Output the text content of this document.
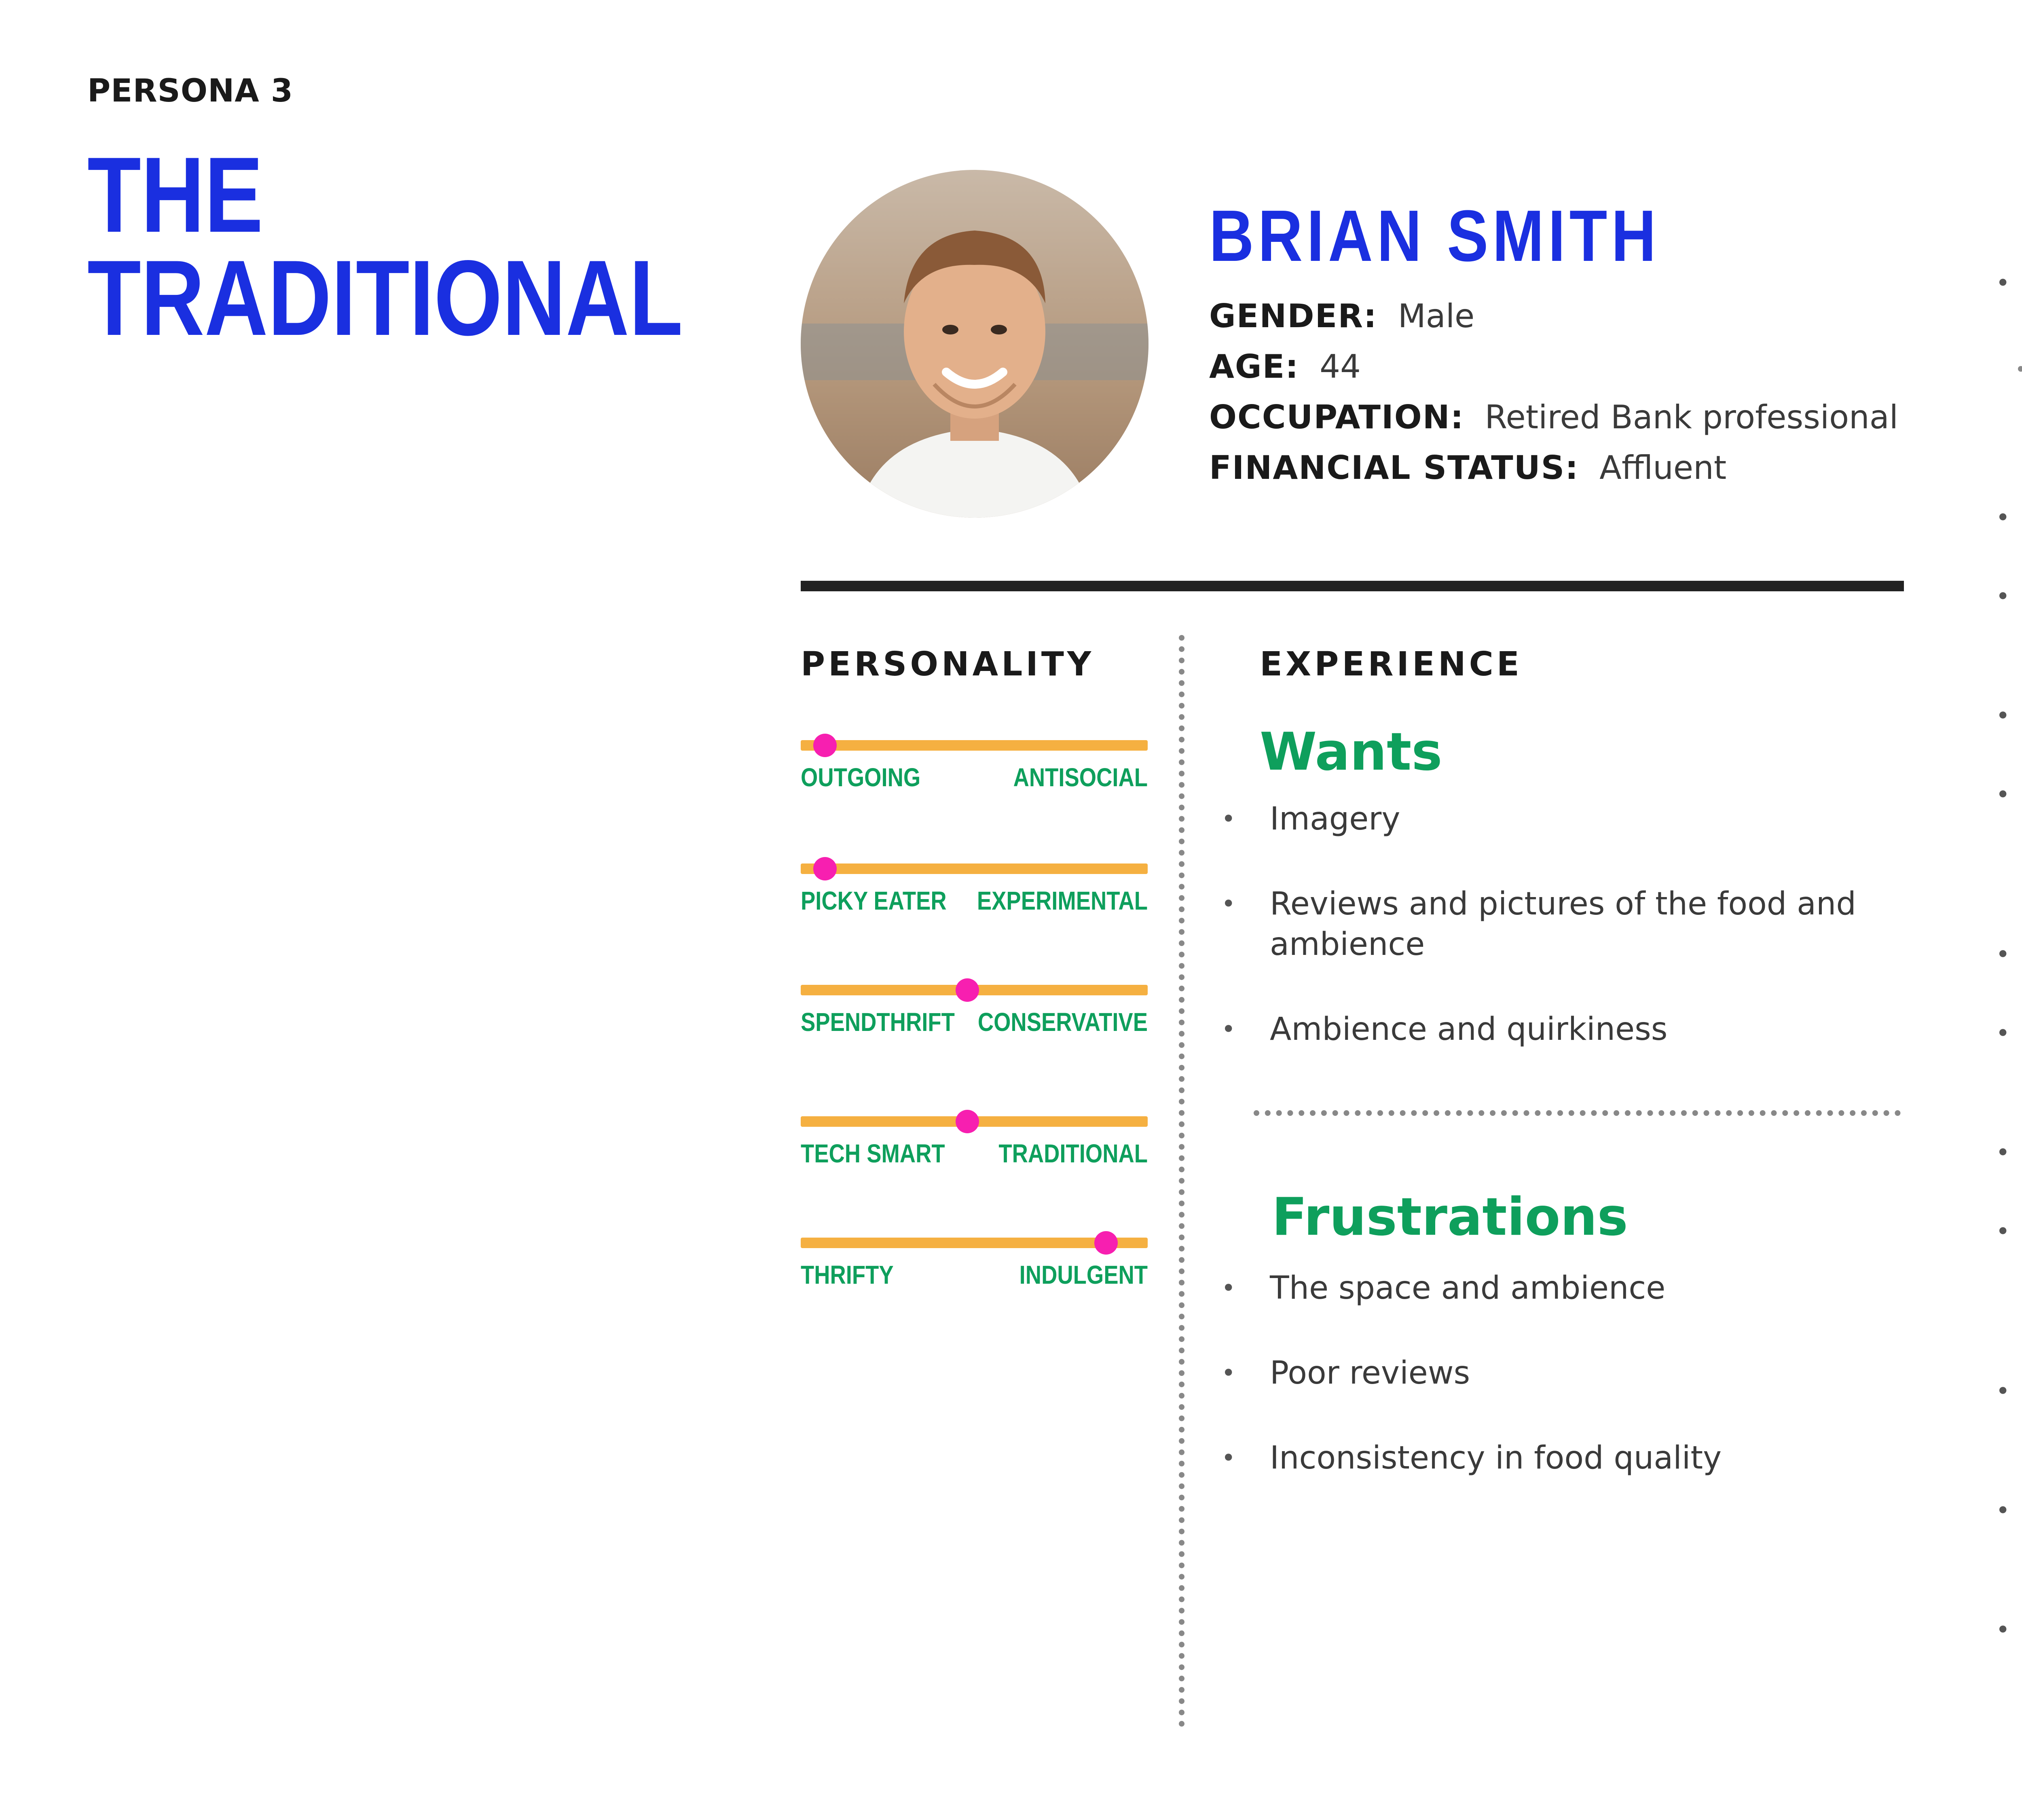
PERSONA 3
THE
TRADITIONAL
BRIAN SMITH
GENDER: Male
AGE: 44
OCCUPATION: Retired Bank professional
FINANCIAL STATUS: Affluent
PERSONALITY
OUTGOING	ANTISOCIAL
PICKY EATER EXPERIMENTAL
SPENDTHRIFT CONSERVATIVE
TECH SMART TRADITIONAL
THRIFTY	INDULGENT
EXPERIENCE
Wants
•	Imagery
•	Reviews and pictures of the food and ambience
•	Ambience and quirkiness
Frustrations
•	The space and ambience
•	Poor reviews
•	Inconsistency in food quality
•
•
•
•
•
•
•
•
•
•
•
•
